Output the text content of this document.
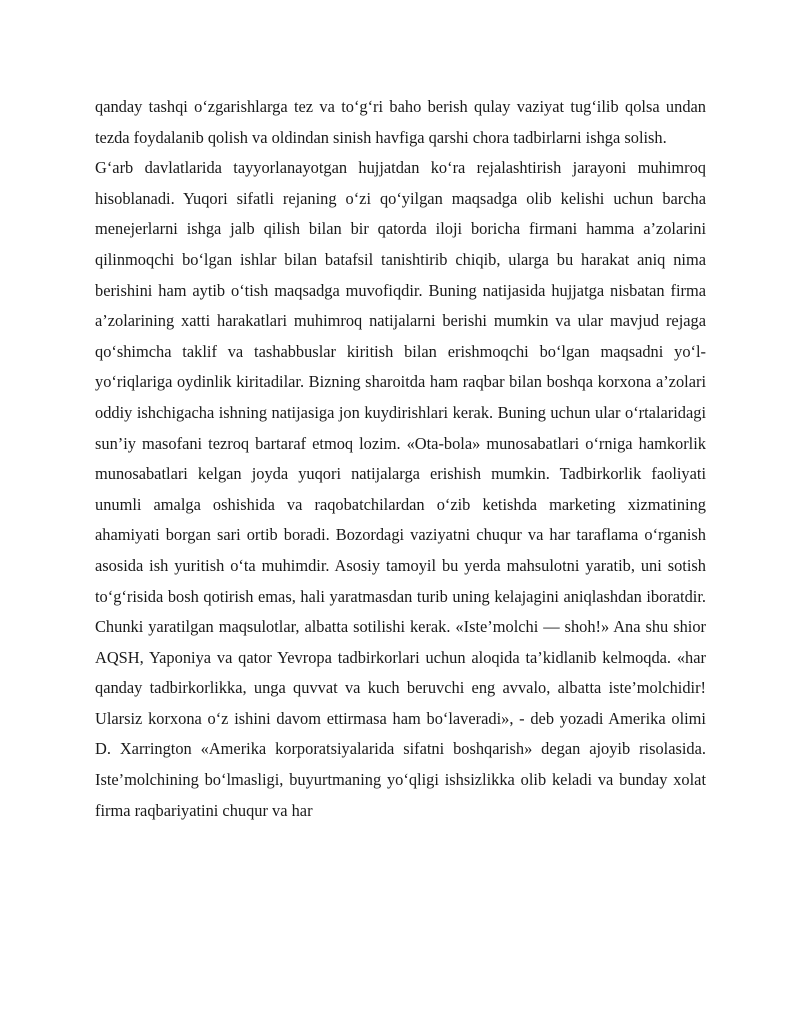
qanday tashqi o‘zgarishlarga tez va to‘g‘ri baho berish qulay vaziyat tug‘ilib qolsa undan tezda foydalanib qolish va oldindan sinish havfiga qarshi chora tadbirlarni ishga solish.

G‘arb davlatlarida tayyorlanayotgan hujjatdan ko‘ra rejalashtirish jarayoni muhimroq hisoblanadi. Yuqori sifatli rejaning o‘zi qo‘yilgan maqsadga olib kelishi uchun barcha menejerlarni ishga jalb qilish bilan bir qatorda iloji boricha firmani hamma a’zolarini qilinmoqchi bo‘lgan ishlar bilan batafsil tanishtirib chiqib, ularga bu harakat aniq nima berishini ham aytib o‘tish maqsadga muvofiqdir. Buning natijasida hujjatga nisbatan firma a’zolarining xatti harakatlari muhimroq natijalarni berishi mumkin va ular mavjud rejaga qo‘shimcha taklif va tashabbuslar kiritish bilan erishmoqchi bo‘lgan maqsadni yo‘l-yo‘riqlariga oydinlik kiritadilar. Bizning sharoitda ham raqbar bilan boshqa korxona a’zolari oddiy ishchigacha ishning natijasiga jon kuydirishlari kerak. Buning uchun ular o‘rtalaridagi sun’iy masofani tezroq bartaraf etmoq lozim. «Ota-bola» munosabatlari o‘rniga hamkorlik munosabatlari kelgan joyda yuqori natijalarga erishish mumkin. Tadbirkorlik faoliyati unumli amalga oshishida va raqobatchilardan o‘zib ketishda marketing xizmatining ahamiyati borgan sari ortib boradi. Bozordagi vaziyatni chuqur va har taraflama o‘rganish asosida ish yuritish o‘ta muhimdir. Asosiy tamoyil bu yerda mahsulotni yaratib, uni sotish to‘g‘risida bosh qotirish emas, hali yaratmasdan turib uning kelajagini aniqlashdan iboratdir. Chunki yaratilgan maqsulotlar, albatta sotilishi kerak. «Iste’molchi — shoh!» Ana shu shior AQSH, Yaponiya va qator Yevropa tadbirkorlari uchun aloqida ta’kidlanib kelmoqda. «har qanday tadbirkorlikka, unga quvvat va kuch beruvchi eng avvalo, albatta iste’molchidir! Ularsiz korxona o‘z ishini davom ettirmasa ham bo‘laveradi», - deb yozadi Amerika olimi D. Xarrington «Amerika korporatsiyalarida sifatni boshqarish» degan ajoyib risolasida. Iste’molchining bo‘lmasligi, buyurtmaning yo‘qligi ishsizlikka olib keladi va bunday xolat firma raqbariyatini chuqur va har
